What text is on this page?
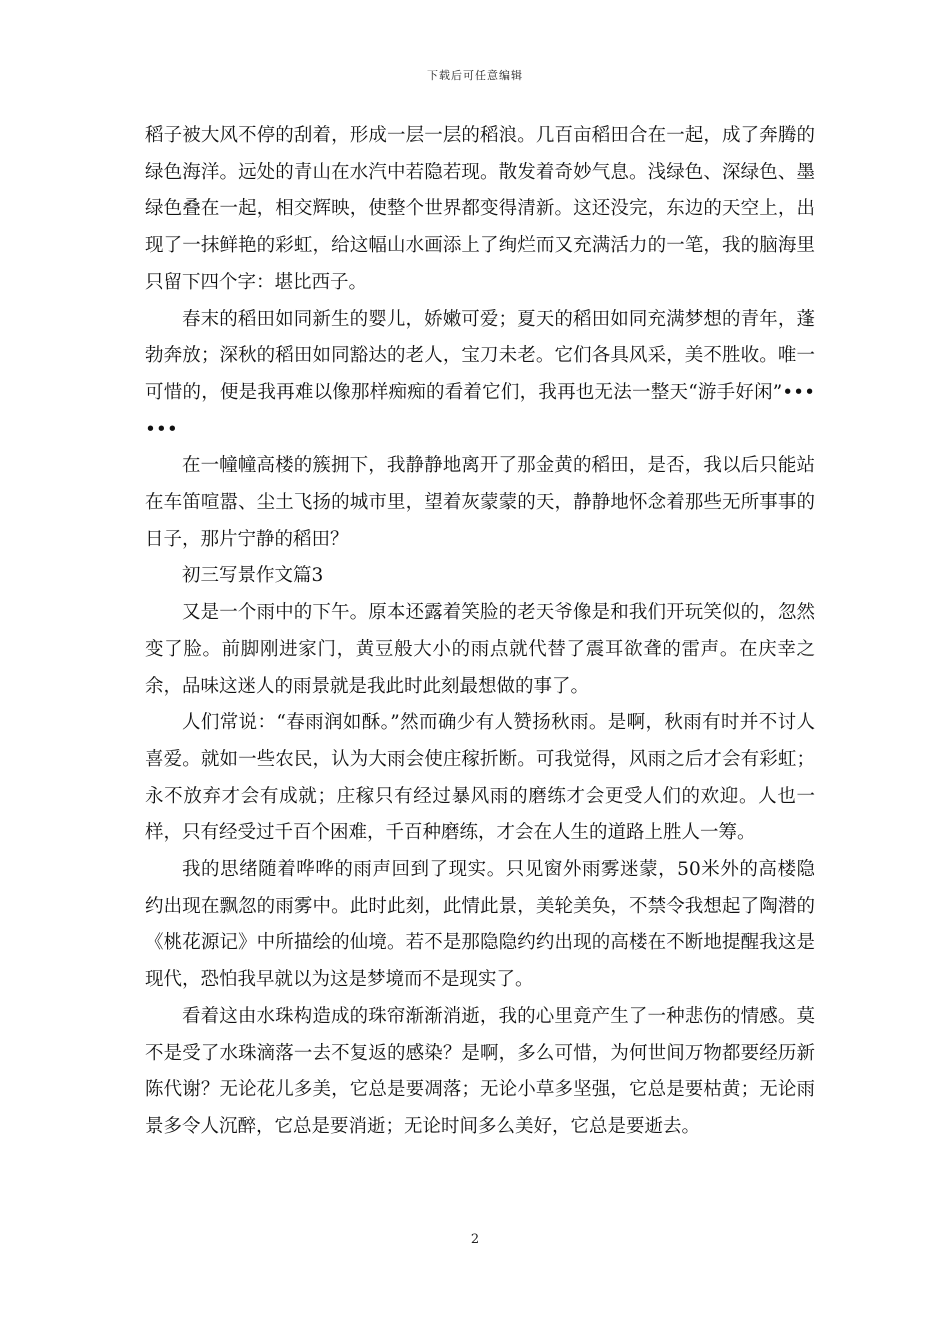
下载后可任意编辑

稻子被大风不停的刮着，形成一层一层的稻浪。几百亩稻田合在一起，成了奔腾的绿色海洋。远处的青山在水汽中若隐若现。散发着奇妙气息。浅绿色、深绿色、墨绿色叠在一起，相交辉映，使整个世界都变得清新。这还没完，东边的天空上，出现了一抹鲜艳的彩虹，给这幅山水画添上了绚烂而又充满活力的一笔，我的脑海里只留下四个字：堪比西子。

春末的稻田如同新生的婴儿，娇嫩可爱；夏天的稻田如同充满梦想的青年，蓬勃奔放；深秋的稻田如同豁达的老人，宝刀未老。它们各具风采，美不胜收。唯一可惜的，便是我再难以像那样痴痴的看着它们，我再也无法一整天“游手好闲”••••••

在一幢幢高楼的簇拥下，我静静地离开了那金黄的稻田，是否，我以后只能站在车笛喧嚣、尘土飞扬的城市里，望着灰蒙蒙的天，静静地怀念着那些无所事事的日子，那片宁静的稻田？

初三写景作文篇3

又是一个雨中的下午。原本还露着笑脸的老天爷像是和我们开玩笑似的，忽然变了脸。前脚刚进家门，黄豆般大小的雨点就代替了震耳欲聋的雷声。在庆幸之余，品味这迷人的雨景就是我此时此刻最想做的事了。

人们常说：“春雨润如酥。”然而确少有人赞扬秋雨。是啊，秋雨有时并不讨人喜爱。就如一些农民，认为大雨会使庄稼折断。可我觉得，风雨之后才会有彩虹；永不放弃才会有成就；庄稼只有经过暴风雨的磨练才会更受人们的欢迎。人也一样，只有经受过千百个困难，千百种磨练，才会在人生的道路上胜人一筹。

我的思绪随着哗哗的雨声回到了现实。只见窗外雨雾迷蒙，50米外的高楼隐约出现在飘忽的雨雾中。此时此刻，此情此景，美轮美奂，不禁令我想起了陶潜的《桃花源记》中所描绘的仙境。若不是那隐隐约约出现的高楼在不断地提醒我这是现代，恐怕我早就以为这是梦境而不是现实了。

看着这由水珠构造成的珠帘渐渐消逝，我的心里竟产生了一种悲伤的情感。莫不是受了水珠滴落一去不复返的感染？是啊，多么可惜，为何世间万物都要经历新陈代谢？无论花儿多美，它总是要凋落；无论小草多坚强，它总是要枯黄；无论雨景多令人沉醉，它总是要消逝；无论时间多么美好，它总是要逝去。

2
